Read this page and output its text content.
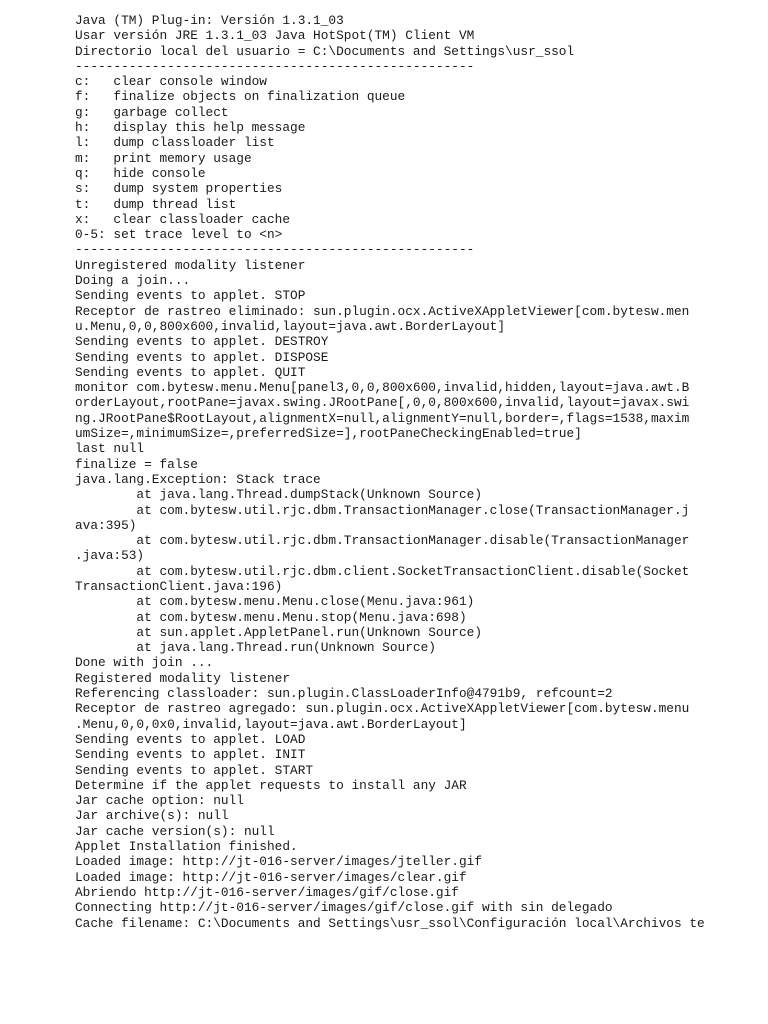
Java (TM) Plug-in: Versión 1.3.1_03
Usar versión JRE 1.3.1_03 Java HotSpot(TM) Client VM
Directorio local del usuario = C:\Documents and Settings\usr_ssol
----------------------------------------------------
c:   clear console window
f:   finalize objects on finalization queue
g:   garbage collect
h:   display this help message
l:   dump classloader list
m:   print memory usage
q:   hide console
s:   dump system properties
t:   dump thread list
x:   clear classloader cache
0-5: set trace level to <n>
----------------------------------------------------
Unregistered modality listener
Doing a join...
Sending events to applet. STOP
Receptor de rastreo eliminado: sun.plugin.ocx.ActiveXAppletViewer[com.bytesw.men
u.Menu,0,0,800x600,invalid,layout=java.awt.BorderLayout]
Sending events to applet. DESTROY
Sending events to applet. DISPOSE
Sending events to applet. QUIT
monitor com.bytesw.menu.Menu[panel3,0,0,800x600,invalid,hidden,layout=java.awt.B
orderLayout,rootPane=javax.swing.JRootPane[,0,0,800x600,invalid,layout=javax.swi
ng.JRootPane$RootLayout,alignmentX=null,alignmentY=null,border=,flags=1538,maxim
umSize=,minimumSize=,preferredSize=],rootPaneCheckingEnabled=true]
last null
finalize = false
java.lang.Exception: Stack trace
at java.lang.Thread.dumpStack(Unknown Source)
at com.bytesw.util.rjc.dbm.TransactionManager.close(TransactionManager.j
ava:395)
at com.bytesw.util.rjc.dbm.TransactionManager.disable(TransactionManager
.java:53)
at com.bytesw.util.rjc.dbm.client.SocketTransactionClient.disable(Socket
TransactionClient.java:196)
at com.bytesw.menu.Menu.close(Menu.java:961)
at com.bytesw.menu.Menu.stop(Menu.java:698)
at sun.applet.AppletPanel.run(Unknown Source)
at java.lang.Thread.run(Unknown Source)
Done with join ...
Registered modality listener
Referencing classloader: sun.plugin.ClassLoaderInfo@4791b9, refcount=2
Receptor de rastreo agregado: sun.plugin.ocx.ActiveXAppletViewer[com.bytesw.menu
.Menu,0,0,0x0,invalid,layout=java.awt.BorderLayout]
Sending events to applet. LOAD
Sending events to applet. INIT
Sending events to applet. START
Determine if the applet requests to install any JAR
Jar cache option: null
Jar archive(s): null
Jar cache version(s): null
Applet Installation finished.
Loaded image: http://jt-016-server/images/jteller.gif
Loaded image: http://jt-016-server/images/clear.gif
Abriendo http://jt-016-server/images/gif/close.gif
Connecting http://jt-016-server/images/gif/close.gif with sin delegado
Cache filename: C:\Documents and Settings\usr_ssol\Configuración local\Archivos te
